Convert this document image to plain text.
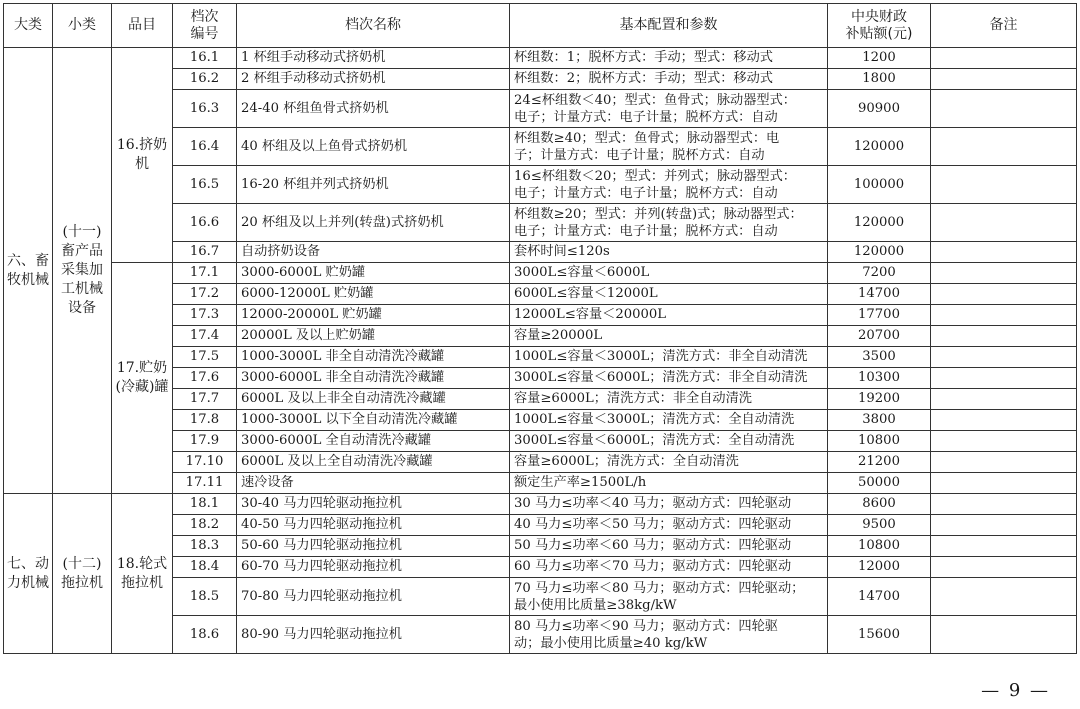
大类	小类	品目	档次
编号	档次名称	基本配置和参数	中央财政
补贴额(元)	备注
六、畜牧机械	(十一)畜产品采集加工机械设备	16.挤奶机	16.1	1 杯组手动移动式挤奶机	杯组数：1；脱杯方式：手动；型式：移动式	1200	
			16.2	2 杯组手动移动式挤奶机	杯组数：2；脱杯方式：手动；型式：移动式	1800	
			16.3	24-40 杯组鱼骨式挤奶机	24≤杯组数＜40；型式：鱼骨式；脉动器型式：
电子；计量方式：电子计量；脱杯方式：自动	90900	
			16.4	40 杯组及以上鱼骨式挤奶机	杯组数≥40；型式：鱼骨式；脉动器型式：电
子；计量方式：电子计量；脱杯方式：自动	120000	
			16.5	16-20 杯组并列式挤奶机	16≤杯组数＜20；型式：并列式；脉动器型式：
电子；计量方式：电子计量；脱杯方式：自动	100000	
			16.6	20 杯组及以上并列(转盘)式挤奶机	杯组数≥20；型式：并列(转盘)式；脉动器型式：
电子；计量方式：电子计量；脱杯方式：自动	120000	
			16.7	自动挤奶设备	套杯时间≤120s	120000	
		17.贮奶(冷藏)罐	17.1	3000-6000L 贮奶罐	3000L≤容量＜6000L	7200	
			17.2	6000-12000L 贮奶罐	6000L≤容量＜12000L	14700	
			17.3	12000-20000L 贮奶罐	12000L≤容量＜20000L	17700	
			17.4	20000L 及以上贮奶罐	容量≥20000L	20700	
			17.5	1000-3000L 非全自动清洗冷藏罐	1000L≤容量＜3000L；清洗方式：非全自动清洗	3500	
			17.6	3000-6000L 非全自动清洗冷藏罐	3000L≤容量＜6000L；清洗方式：非全自动清洗	10300	
			17.7	6000L 及以上非全自动清洗冷藏罐	容量≥6000L；清洗方式：非全自动清洗	19200	
			17.8	1000-3000L 以下全自动清洗冷藏罐	1000L≤容量＜3000L；清洗方式：全自动清洗	3800	
			17.9	3000-6000L 全自动清洗冷藏罐	3000L≤容量＜6000L；清洗方式：全自动清洗	10800	
			17.10	6000L 及以上全自动清洗冷藏罐	容量≥6000L；清洗方式：全自动清洗	21200	
			17.11	速冷设备	额定生产率≥1500L/h	50000	
七、动力机械	(十二)拖拉机	18.轮式拖拉机	18.1	30-40 马力四轮驱动拖拉机	30 马力≤功率＜40 马力；驱动方式：四轮驱动	8600	
			18.2	40-50 马力四轮驱动拖拉机	40 马力≤功率＜50 马力；驱动方式：四轮驱动	9500	
			18.3	50-60 马力四轮驱动拖拉机	50 马力≤功率＜60 马力；驱动方式：四轮驱动	10800	
			18.4	60-70 马力四轮驱动拖拉机	60 马力≤功率＜70 马力；驱动方式：四轮驱动	12000	
			18.5	70-80 马力四轮驱动拖拉机	70 马力≤功率＜80 马力；驱动方式：四轮驱动；
最小使用比质量≥38kg/kW	14700	
			18.6	80-90 马力四轮驱动拖拉机	80 马力≤功率＜90 马力；驱动方式：四轮驱
动；最小使用比质量≥40 kg/kW	15600	
— 9 —
